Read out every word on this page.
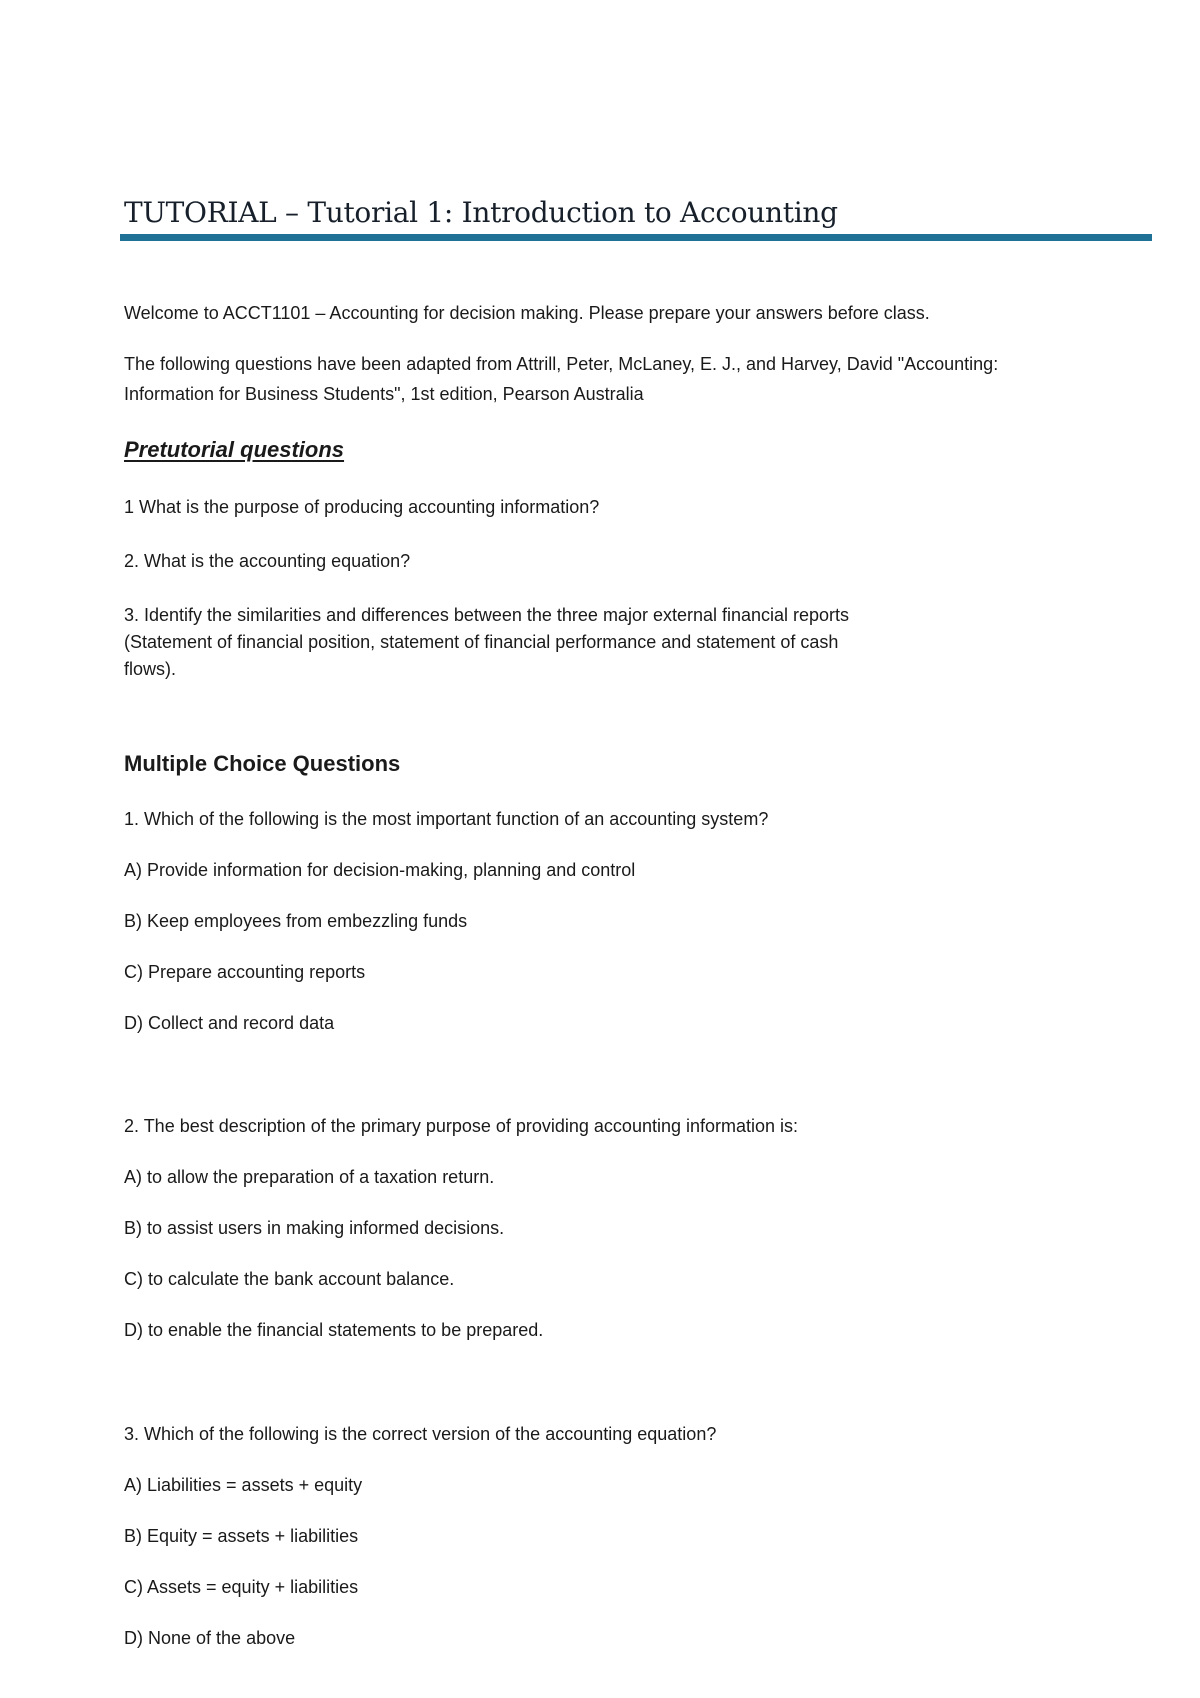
TUTORIAL – Tutorial 1: Introduction to Accounting

Welcome to ACCT1101 – Accounting for decision making. Please prepare your answers before class.

The following questions have been adapted from Attrill, Peter, McLaney, E. J., and Harvey, David "Accounting:

Information for Business Students", 1st edition, Pearson Australia

Pretutorial questions

1 What is the purpose of producing accounting information?

2. What is the accounting equation?

3. Identify the similarities and differences between the three major external financial reports

(Statement of financial position, statement of financial performance and statement of cash

flows).

Multiple Choice Questions

1. Which of the following is the most important function of an accounting system?

A) Provide information for decision-making, planning and control

B) Keep employees from embezzling funds

C) Prepare accounting reports

D) Collect and record data

2. The best description of the primary purpose of providing accounting information is:

A) to allow the preparation of a taxation return.

B) to assist users in making informed decisions.

C) to calculate the bank account balance.

D) to enable the financial statements to be prepared.

3. Which of the following is the correct version of the accounting equation?

A) Liabilities = assets + equity

B) Equity = assets + liabilities

C) Assets = equity + liabilities

D) None of the above
